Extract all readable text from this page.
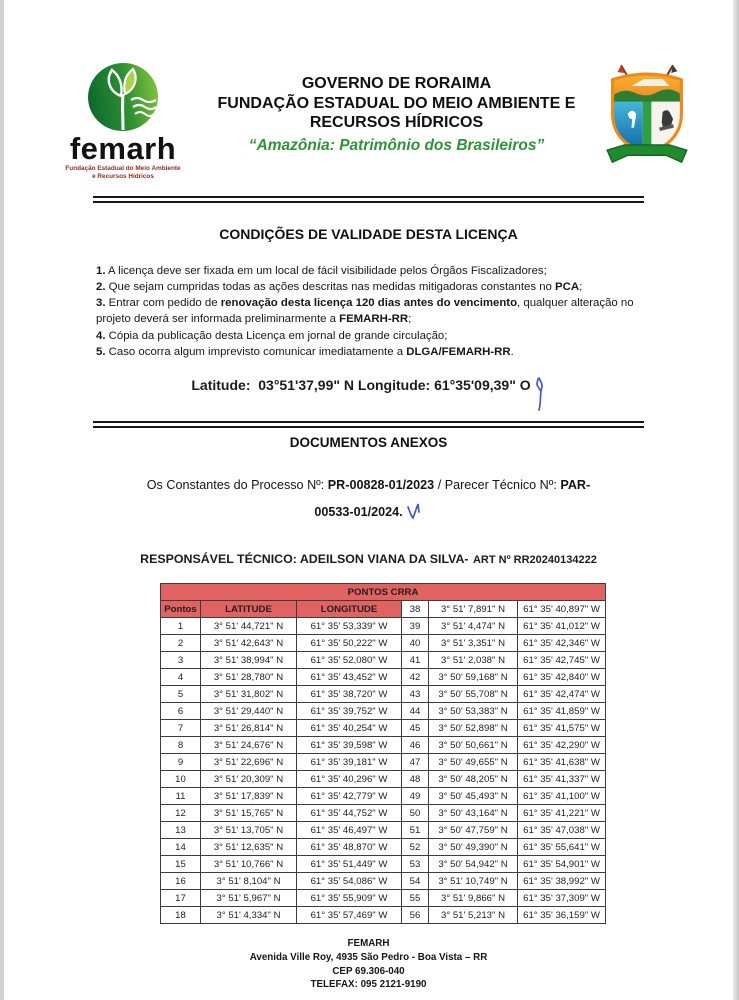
femarh
Fundação Estadual do Meio Ambiente
e Recursos Hídricos
GOVERNO DE RORAIMA
FUNDAÇÃO ESTADUAL DO MEIO AMBIENTE E
RECURSOS HÍDRICOS
“Amazônia: Patrimônio dos Brasileiros”
CONDIÇÕES DE VALIDADE DESTA LICENÇA

1. A licença deve ser fixada em um local de fácil visibilidade pelos Órgãos Fiscalizadores;

2. Que sejam cumpridas todas as ações descritas nas medidas mitigadoras constantes no PCA;

3. Entrar com pedido de renovação desta licença 120 dias antes do vencimento, qualquer alteração no projeto deverá ser informada preliminarmente a FEMARH-RR;

4. Cópia da publicação desta Licença em jornal de grande circulação;

5. Caso ocorra algum imprevisto comunicar imediatamente a DLGA/FEMARH-RR.

Latitude:  03°51'37,99" N Longitude: 61°35'09,39" O
DOCUMENTOS ANEXOS
Os Constantes do Processo Nº: PR-00828-01/2023 / Parecer Técnico Nº: PAR-
00533-01/2024.
RESPONSÁVEL TÉCNICO: ADEILSON VIANA DA SILVA- ART Nº RR20240134222
PONTOS CRRA					
Pontos	LATITUDE	LONGITUDE	38	3° 51' 7,891" N	61° 35' 40,897" W
1	3° 51' 44,721" N	61° 35' 53,339" W	39	3° 51' 4,474" N	61° 35' 41,012" W
2	3° 51' 42,643" N	61° 35' 50,222" W	40	3° 51' 3,351" N	61° 35' 42,346" W
3	3° 51' 38,994" N	61° 35' 52,080" W	41	3° 51' 2,038" N	61° 35' 42,745" W
4	3° 51' 28,780" N	61° 35' 43,452" W	42	3° 50' 59,168" N	61° 35' 42,840" W
5	3° 51' 31,802" N	61° 35' 38,720" W	43	3° 50' 55,708" N	61° 35' 42,474" W
6	3° 51' 29,440" N	61° 35' 39,752" W	44	3° 50' 53,383" N	61° 35' 41,859" W
7	3° 51' 26,814" N	61° 35' 40,254" W	45	3° 50' 52,898" N	61° 35' 41,575" W
8	3° 51' 24,676" N	61° 35' 39,598" W	46	3° 50' 50,661" N	61° 35' 42,290" W
9	3° 51' 22,696" N	61° 35' 39,181" W	47	3° 50' 49,655" N	61° 35' 41,638" W
10	3° 51' 20,309" N	61° 35' 40,296" W	48	3° 50' 48,205" N	61° 35' 41,337" W
11	3° 51' 17,839" N	61° 35' 42,779" W	49	3° 50' 45,493" N	61° 35' 41,100" W
12	3° 51' 15,765" N	61° 35' 44,752" W	50	3° 50' 43,164" N	61° 35' 41,221" W
13	3° 51' 13,705" N	61° 35' 46,497" W	51	3° 50' 47,759" N	61° 35' 47,038" W
14	3° 51' 12,635" N	61° 35' 48,870" W	52	3° 50' 49,390" N	61° 35' 55,641" W
15	3° 51' 10,766" N	61° 35' 51,449" W	53	3° 50' 54,942" N	61° 35' 54,901" W
16	3° 51' 8,104" N	61° 35' 54,086" W	54	3° 51' 10,749" N	61° 35' 38,992" W
17	3° 51' 5,967" N	61° 35' 55,909" W	55	3° 51' 9,866" N	61° 35' 37,309" W
18	3° 51' 4,334" N	61° 35' 57,469" W	56	3° 51' 5,213" N	61° 35' 36,159" W
FEMARH
Avenida Ville Roy, 4935 São Pedro - Boa Vista – RR
CEP 69.306-040
TELEFAX: 095 2121-9190
